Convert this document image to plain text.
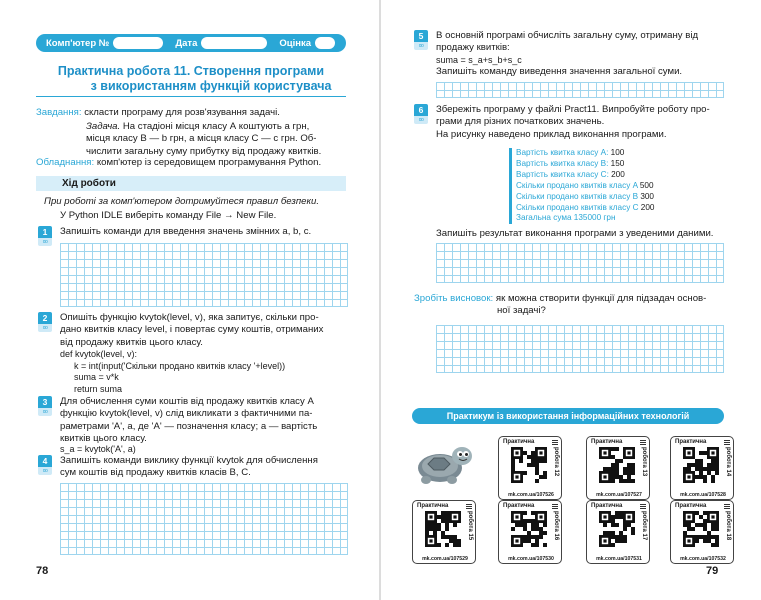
Комп'ютер №	Дата	Оцінка
Практична робота 11. Створення програми
з використанням функцій користувача
Завдання: скласти програму для розв'язування задачі.
Задача. На стадіоні місця класу А коштують a грн,
місця класу В — b грн, а місця класу С — c грн. Об-
числити загальну суму прибутку від продажу квитків.
Обладнання: комп'ютер із середовищем програмування Python.
Хід роботи
При роботі за комп'ютером дотримуйтеся правил безпеки.
У Python IDLE виберіть команду File → New File.
1
oo
Запишіть команди для введення значень змінних a, b, c.
2
oo
Опишіть функцію kvytok(level, v), яка запитує, скільки про-
дано квитків класу level, і повертає суму коштів, отриманих
від продажу квитків цього класу.
def kvytok(level, v):
k = int(input('Скільки продано квитків класу '+level))
suma = v*k
return suma
3
oo
Для обчислення суми коштів від продажу квитків класу А
функцію kvytok(level, v) слід викликати з фактичними па-
раметрами 'A', a, де 'A' — позначення класу; a — вартість
квитків цього класу.
s_a = kvytok('A', a)
4
oo
Запишіть команди виклику функції kvytok для обчислення
сум коштів від продажу квитків класів В, С.
78
5
oo
В основній програмі обчисліть загальну суму, отриману від
продажу квитків:
suma = s_a+s_b+s_c
Запишіть команду виведення значення загальної суми.
6
oo
Збережіть програму у файлі Pract11. Випробуйте роботу про-
грами для різних початкових значень.
На рисунку наведено приклад виконання програми.
Вартість квитка класу А: 100
Вартість квитка класу В: 150
Вартість квитка класу С: 200
Скільки продано квитків класу A 500
Скільки продано квитків класу B 300
Скільки продано квитків класу C 200
Загальна сума 135000 грн
Запишіть результат виконання програми з уведеними даними.
Зробіть висновок: як можна створити функції для підзадач основ-
ної задачі?
Практикум із використання інформаційних технологій
Практична
робота 12
mk.com.ua/107526
Практична
робота 13
mk.com.ua/107527
Практична
робота 14
mk.com.ua/107528
Практична
робота 15
mk.com.ua/107529
Практична
робота 16
mk.com.ua/107530
Практична
робота 17
mk.com.ua/107531
Практична
робота 18
mk.com.ua/107532
79
